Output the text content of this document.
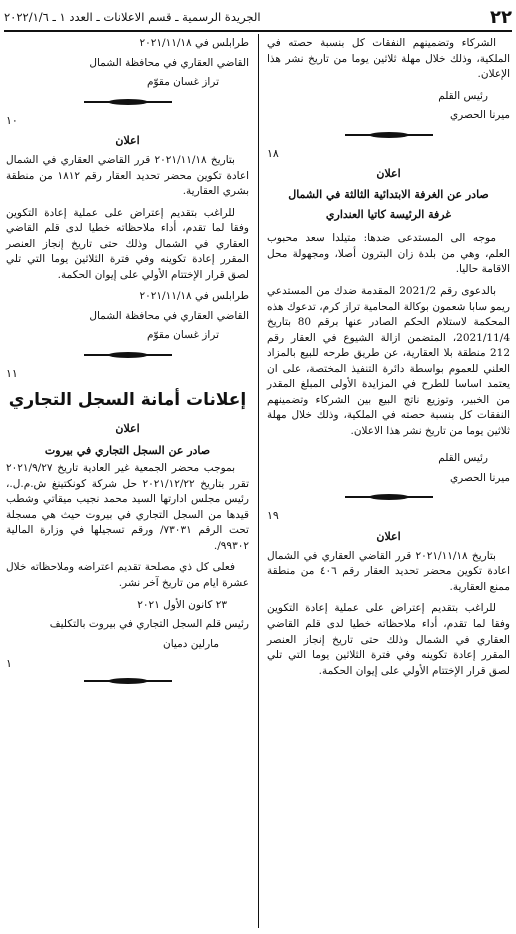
٢٢
الجريدة الرسمية ـ قسم الاعلانات ـ العدد ١ ـ ٢٠٢٢/١/٦

الشركاء وتضمينهم النفقات كل بنسبة حصته في الملكية، وذلك خلال مهلة ثلاثين يوما من تاريخ نشر هذا الإعلان.

رئيس القلم
ميرنا الحصري
١٨
اعلان
صادر عن الغرفة الابتدائية الثالثة في الشمال
غرفة الرئيسة كاتيا العنداري

موجه الى المستدعى ضدها: متيلدا سعد محبوب العلم، وهي من بلدة زان البترون أصلا، ومجهولة محل الاقامة حاليا.

بالدعوى رقم 2021/2 المقدمة ضدك من المستدعي ريمو سابا شعمون بوكالة المحامية تراز كرم، تدعوك هذه المحكمة لاستلام الحكم الصادر عنها برقم 80 بتاريخ 2021/11/4، المتضمن ازالة الشيوع في العقار رقم 212 منطقة بلا العقارية، عن طريق طرحه للبيع بالمزاد العلني للعموم بواسطة دائرة التنفيذ المختصة، على ان يعتمد اساسا للطرح في المزايدة الأولى المبلغ المقدر من الخبير، وتوزيع ناتج البيع بين الشركاء وتضمينهم النفقات كل بنسبة حصته في الملكية، وذلك خلال مهلة ثلاثين يوما من تاريخ نشر هذا الاعلان.

رئيس القلم
ميرنا الحصري
١٩
اعلان

بتاريخ ٢٠٢١/١١/١٨ قرر القاضي العقاري في الشمال اعادة تكوين محضر تحديد العقار رقم ٤٠٦ من منطقة ممنع العقارية.

للراغب بتقديم إعتراض على عملية إعادة التكوين وفقا لما تقدم، أداء ملاحظاته خطيا لدى قلم القاضي العقاري في الشمال وذلك حتى تاريخ إنجاز العنصر المقرر إعادة تكوينه وفي فترة الثلاثين يوما التي تلي لصق قرار الإختتام الأولي على إيوان الحكمة.

طرابلس في ٢٠٢١/١١/١٨
القاضي العقاري في محافظة الشمال
تراز غسان مقوّم
١٠
اعلان

بتاريخ ٢٠٢١/١١/١٨ قرر القاضي العقاري في الشمال اعادة تكوين محضر تحديد العقار رقم ١٨١٢ من منطقة بشري العقارية.

للراغب بتقديم إعتراض على عملية إعادة التكوين وفقا لما تقدم، أداء ملاحظاته خطيا لدى قلم القاضي العقاري في الشمال وذلك حتى تاريخ إنجاز العنصر المقرر إعادة تكوينه وفي فترة الثلاثين يوما التي تلي لصق قرار الإختتام الأولي على إيوان الحكمة.

طرابلس في ٢٠٢١/١١/١٨
القاضي العقاري في محافظة الشمال
تراز غسان مقوّم
١١
إعلانات أمانة السجل التجاري
اعلان
صادر عن السجل التجاري في بيروت

بموجب محضر الجمعية غير العادية تاريخ ٢٠٢١/٩/٢٧ تقرر بتاريخ ٢٠٢١/١٢/٢٢ حل شركة كونكتينغ ش.م.ل.، رئيس مجلس ادارتها السيد محمد نجيب ميقاتي وشطب قيدها من السجل التجاري في بيروت حيث هي مسجلة تحت الرقم ٧٣٠٣١/ ورقم تسجيلها في وزارة المالية ٩٩٣٠٢/.

فعلى كل ذي مصلحة تقديم اعتراضه وملاحظاته خلال عشرة ايام من تاريخ آخر نشر.

٢٣ كانون الأول ٢٠٢١
رئيس قلم السجل التجاري في بيروت بالتكليف
مارلين دميان
١
